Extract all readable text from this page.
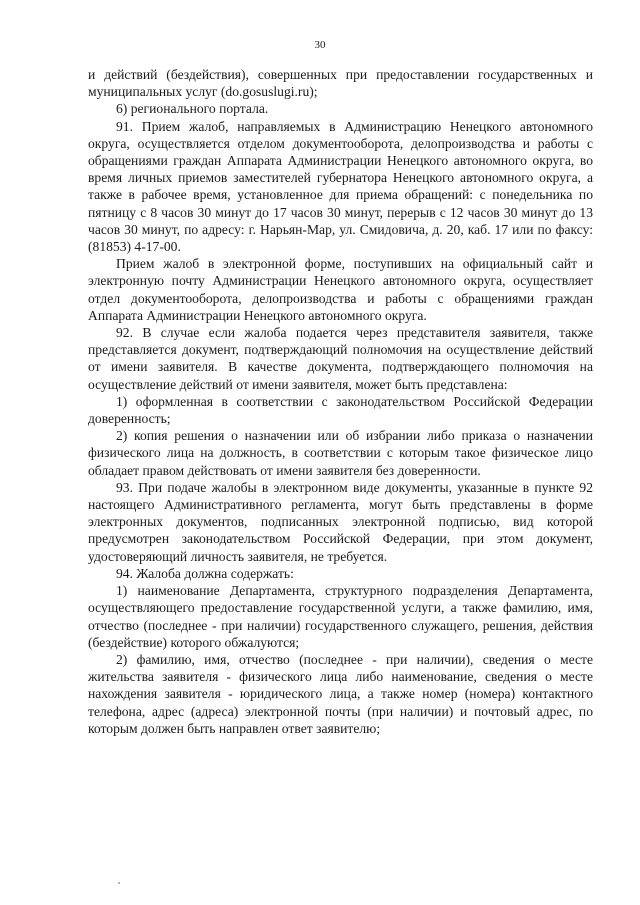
30

и действий (бездействия), совершенных при предоставлении государственных и муниципальных услуг (do.gosuslugi.ru);

6) регионального портала.

91. Прием жалоб, направляемых в Администрацию Ненецкого автономного округа, осуществляется отделом документооборота, делопроизводства и работы с обращениями граждан Аппарата Администрации Ненецкого автономного округа, во время личных приемов заместителей губернатора Ненецкого автономного округа, а также в рабочее время, установленное для приема обращений: с понедельника по пятницу с 8 часов 30 минут до 17 часов 30 минут, перерыв с 12 часов 30 минут до 13 часов 30 минут, по адресу: г. Нарьян-Мар, ул. Смидовича, д. 20, каб. 17 или по факсу: (81853) 4-17-00.

Прием жалоб в электронной форме, поступивших на официальный сайт и электронную почту Администрации Ненецкого автономного округа, осуществляет отдел документооборота, делопроизводства и работы с обращениями граждан Аппарата Администрации Ненецкого автономного округа.

92. В случае если жалоба подается через представителя заявителя, также представляется документ, подтверждающий полномочия на осуществление действий от имени заявителя. В качестве документа, подтверждающего полномочия на осуществление действий от имени заявителя, может быть представлена:

1) оформленная в соответствии с законодательством Российской Федерации доверенность;

2) копия решения о назначении или об избрании либо приказа о назначении физического лица на должность, в соответствии с которым такое физическое лицо обладает правом действовать от имени заявителя без доверенности.

93. При подаче жалобы в электронном виде документы, указанные в пункте 92 настоящего Административного регламента, могут быть представлены в форме электронных документов, подписанных электронной подписью, вид которой предусмотрен законодательством Российской Федерации, при этом документ, удостоверяющий личность заявителя, не требуется.

94. Жалоба должна содержать:

1) наименование Департамента, структурного подразделения Департамента, осуществляющего предоставление государственной услуги, а также фамилию, имя, отчество (последнее - при наличии) государственного служащего, решения, действия (бездействие) которого обжалуются;

2) фамилию, имя, отчество (последнее - при наличии), сведения о месте жительства заявителя - физического лица либо наименование, сведения о месте нахождения заявителя - юридического лица, а также номер (номера) контактного телефона, адрес (адреса) электронной почты (при наличии) и почтовый адрес, по которым должен быть направлен ответ заявителю;
